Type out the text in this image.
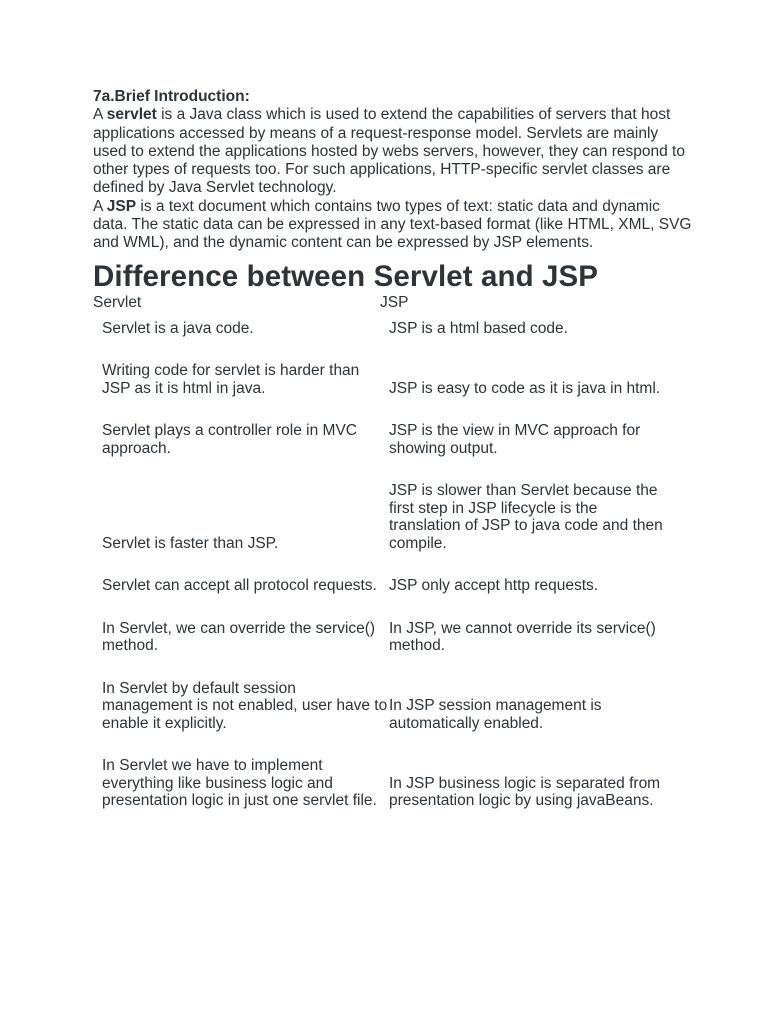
7a.Brief Introduction:

A servlet is a Java class which is used to extend the capabilities of servers that host applications accessed by means of a request-response model. Servlets are mainly used to extend the applications hosted by webs servers, however, they can respond to other types of requests too. For such applications, HTTP-specific servlet classes are defined by Java Servlet technology.

A JSP is a text document which contains two types of text: static data and dynamic data. The static data can be expressed in any text-based format (like HTML, XML, SVG and WML), and the dynamic content can be expressed by JSP elements.

Difference between Servlet and JSP
Servlet	JSP
Servlet is a java code.	JSP is a html based code.

Writing code for servlet is harder than JSP as it is html in java.	JSP is easy to code as it is java in html.

Servlet plays a controller role in MVC approach.	JSP is the view in MVC approach for showing output.

Servlet is faster than JSP.	JSP is slower than Servlet because the first step in JSP lifecycle is the translation of JSP to java code and then compile.

Servlet can accept all protocol requests.	JSP only accept http requests.

In Servlet, we can override the service() method.	In JSP, we cannot override its service() method.

In Servlet by default session management is not enabled, user have to enable it explicitly.	In JSP session management is automatically enabled.

In Servlet we have to implement everything like business logic and presentation logic in just one servlet file.	In JSP business logic is separated from presentation logic by using javaBeans.
